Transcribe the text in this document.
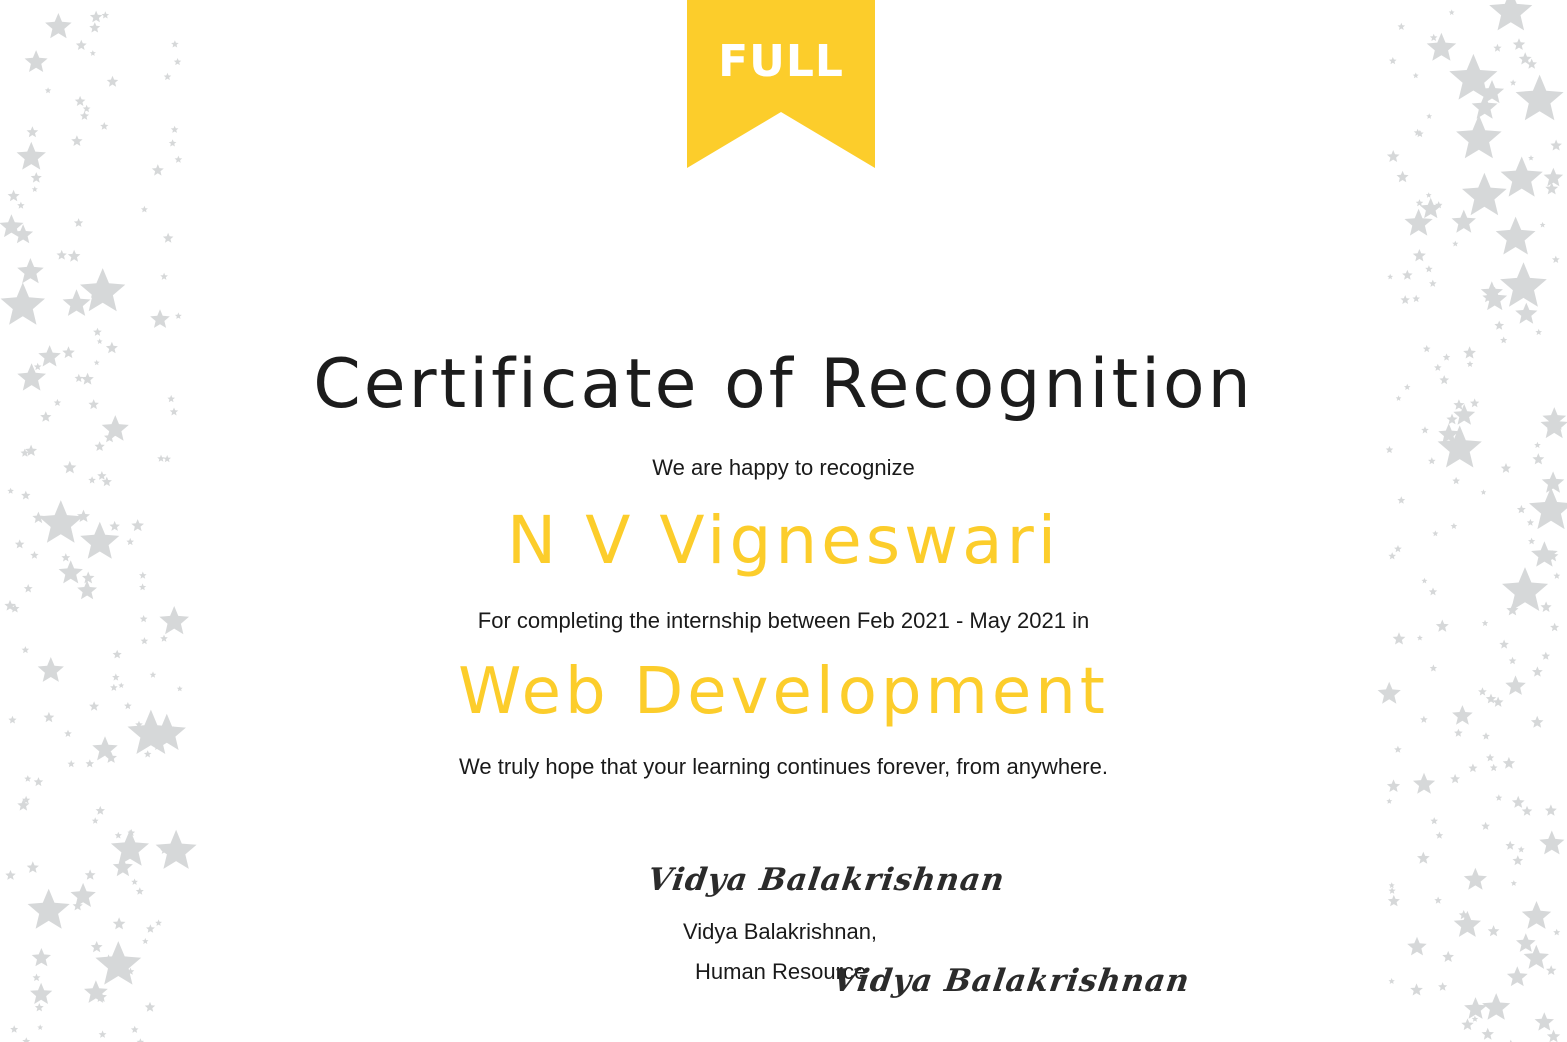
FULL
Certificate of Recognition
We are happy to recognize
N V Vigneswari
For completing the internship between Feb 2021 - May 2021 in
Web Development
We truly hope that your learning continues forever, from anywhere.
Vidya Balakrishnan
Vidya Balakrishnan,
Human Resource
Vidya Balakrishnan
